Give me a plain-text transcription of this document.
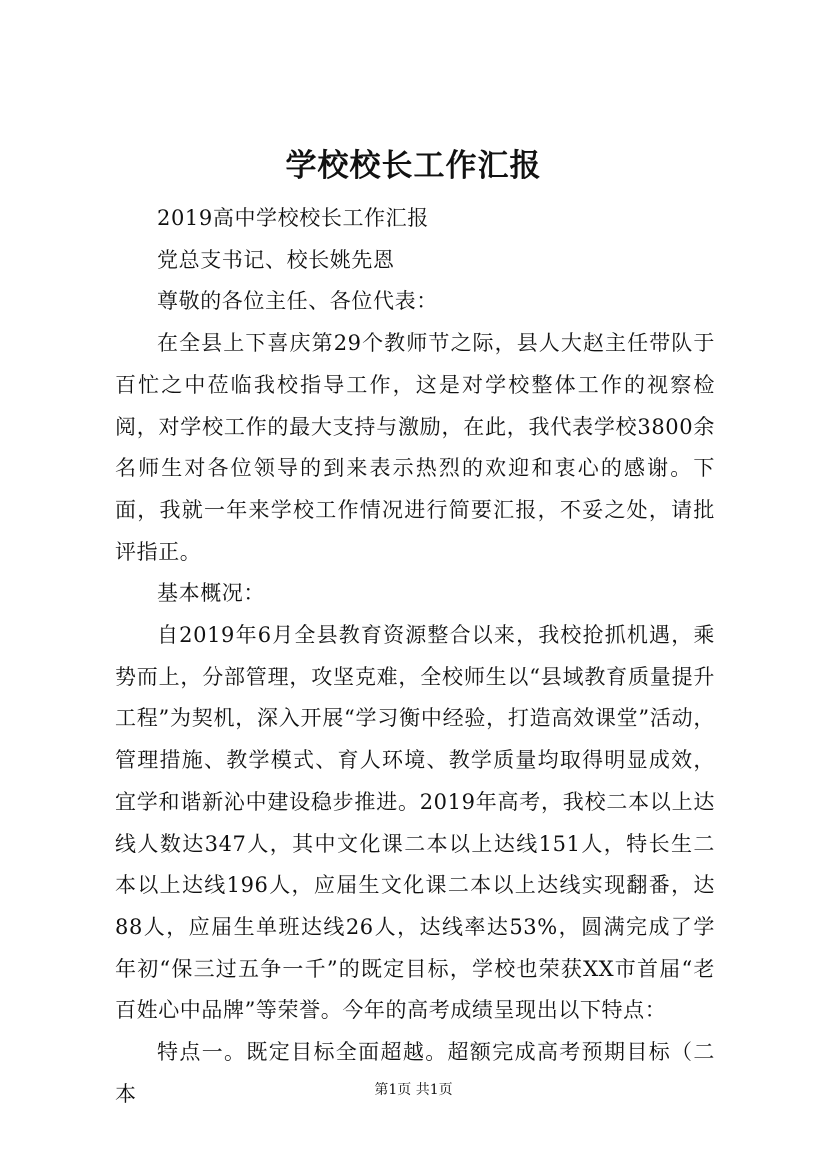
学校校长工作汇报

2019高中学校校长工作汇报

党总支书记、校长姚先恩

尊敬的各位主任、各位代表：

在全县上下喜庆第29个教师节之际，县人大赵主任带队于百忙之中莅临我校指导工作，这是对学校整体工作的视察检阅，对学校工作的最大支持与激励，在此，我代表学校3800余名师生对各位领导的到来表示热烈的欢迎和衷心的感谢。下面，我就一年来学校工作情况进行简要汇报，不妥之处，请批评指正。

基本概况：

自2019年6月全县教育资源整合以来，我校抢抓机遇，乘势而上，分部管理，攻坚克难，全校师生以“县域教育质量提升工程”为契机，深入开展“学习衡中经验，打造高效课堂”活动，管理措施、教学模式、育人环境、教学质量均取得明显成效，宜学和谐新沁中建设稳步推进。2019年高考，我校二本以上达线人数达347人，其中文化课二本以上达线151人，特长生二本以上达线196人，应届生文化课二本以上达线实现翻番，达88人，应届生单班达线26人，达线率达53%，圆满完成了学年初“保三过五争一千”的既定目标，学校也荣获XX市首届“老百姓心中品牌”等荣誉。今年的高考成绩呈现出以下特点：

特点一。既定目标全面超越。超额完成高考预期目标（二本	第1页 共1页
